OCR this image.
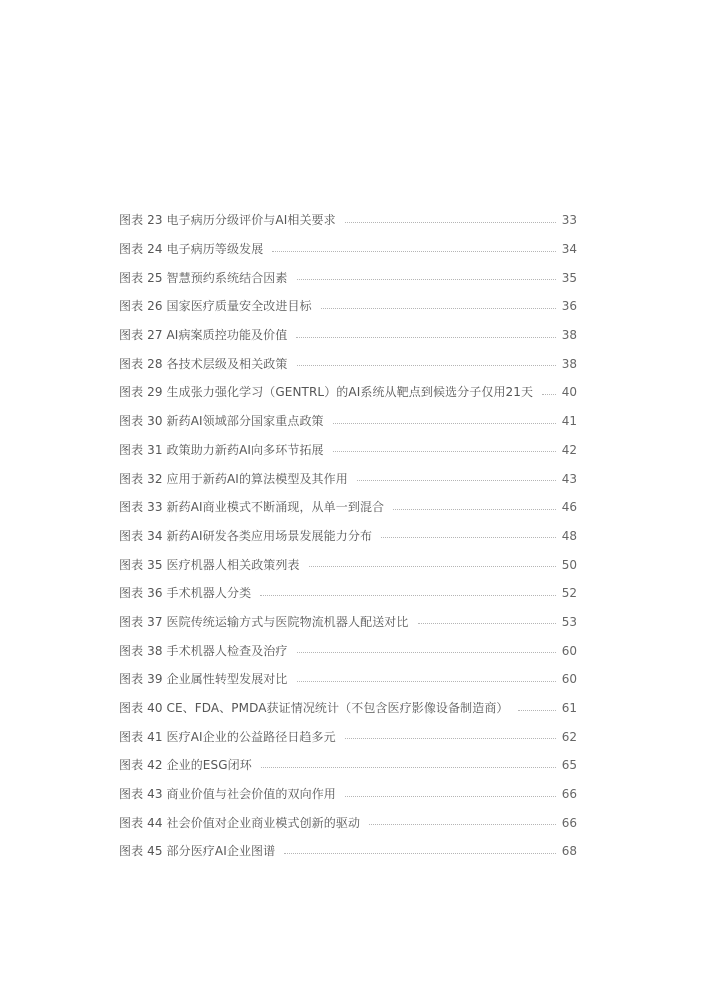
图表 23 电子病历分级评价与AI相关要求	33
图表 24 电子病历等级发展	34
图表 25 智慧预约系统结合因素	35
图表 26 国家医疗质量安全改进目标	36
图表 27 AI病案质控功能及价值	38
图表 28 各技术层级及相关政策	38
图表 29 生成张力强化学习（GENTRL）的AI系统从靶点到候选分子仅用21天 40
图表 30 新药AI领域部分国家重点政策	41
图表 31 政策助力新药AI向多环节拓展	42
图表 32 应用于新药AI的算法模型及其作用	43
图表 33 新药AI商业模式不断涌现，从单一到混合	46
图表 34 新药AI研发各类应用场景发展能力分布	48
图表 35 医疗机器人相关政策列表	50
图表 36 手术机器人分类	52
图表 37 医院传统运输方式与医院物流机器人配送对比	53
图表 38 手术机器人检查及治疗	60
图表 39 企业属性转型发展对比	60
图表 40 CE、FDA、PMDA获证情况统计（不包含医疗影像设备制造商）	61
图表 41 医疗AI企业的公益路径日趋多元	62
图表 42 企业的ESG闭环	65
图表 43 商业价值与社会价值的双向作用	66
图表 44 社会价值对企业商业模式创新的驱动	66
图表 45 部分医疗AI企业图谱	68
